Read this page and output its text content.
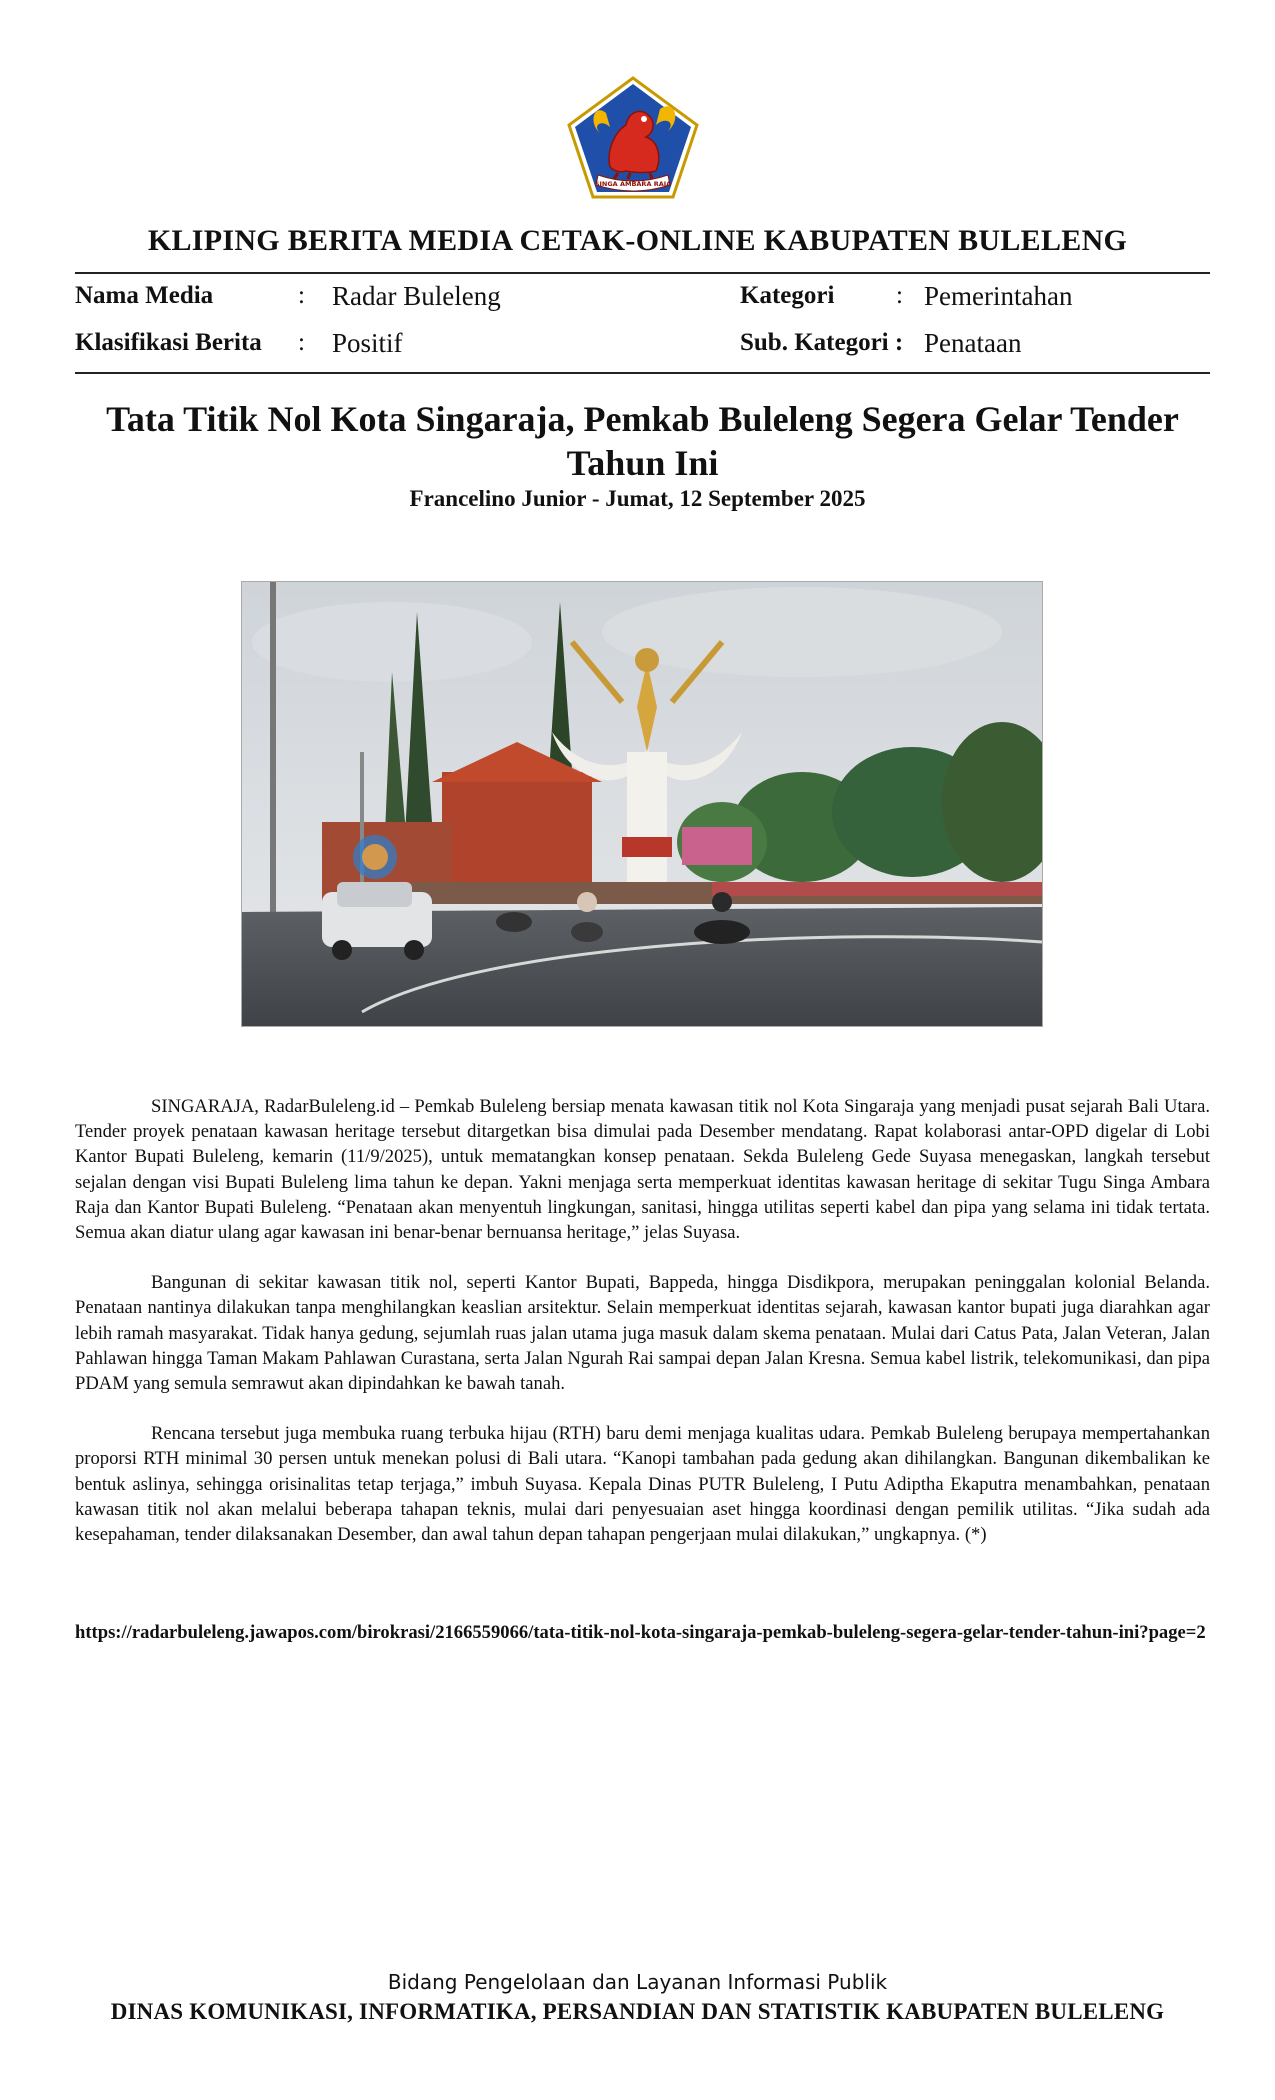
SINGA AMBARA RAJA
KLIPING BERITA MEDIA CETAK-ONLINE KABUPATEN BULELENG
Nama Media	: Radar Buleleng
Klasifikasi Berita : Positif
Kategori : Pemerintahan
Sub. Kategori : Penataan
Tata Titik Nol Kota Singaraja, Pemkab Buleleng Segera Gelar Tender Tahun Ini
Francelino Junior - Jumat, 12 September 2025

SINGARAJA, RadarBuleleng.id – Pemkab Buleleng bersiap menata kawasan titik nol Kota Singaraja yang menjadi pusat sejarah Bali Utara. Tender proyek penataan kawasan heritage tersebut ditargetkan bisa dimulai pada Desember mendatang. Rapat kolaborasi antar-OPD digelar di Lobi Kantor Bupati Buleleng, kemarin (11/9/2025), untuk mematangkan konsep penataan. Sekda Buleleng Gede Suyasa menegaskan, langkah tersebut sejalan dengan visi Bupati Buleleng lima tahun ke depan. Yakni menjaga serta memperkuat identitas kawasan heritage di sekitar Tugu Singa Ambara Raja dan Kantor Bupati Buleleng. “Penataan akan menyentuh lingkungan, sanitasi, hingga utilitas seperti kabel dan pipa yang selama ini tidak tertata. Semua akan diatur ulang agar kawasan ini benar-benar bernuansa heritage,” jelas Suyasa.

Bangunan di sekitar kawasan titik nol, seperti Kantor Bupati, Bappeda, hingga Disdikpora, merupakan peninggalan kolonial Belanda. Penataan nantinya dilakukan tanpa menghilangkan keaslian arsitektur. Selain memperkuat identitas sejarah, kawasan kantor bupati juga diarahkan agar lebih ramah masyarakat. Tidak hanya gedung, sejumlah ruas jalan utama juga masuk dalam skema penataan. Mulai dari Catus Pata, Jalan Veteran, Jalan Pahlawan hingga Taman Makam Pahlawan Curastana, serta Jalan Ngurah Rai sampai depan Jalan Kresna. Semua kabel listrik, telekomunikasi, dan pipa PDAM yang semula semrawut akan dipindahkan ke bawah tanah.

Rencana tersebut juga membuka ruang terbuka hijau (RTH) baru demi menjaga kualitas udara. Pemkab Buleleng berupaya mempertahankan proporsi RTH minimal 30 persen untuk menekan polusi di Bali utara. “Kanopi tambahan pada gedung akan dihilangkan. Bangunan dikembalikan ke bentuk aslinya, sehingga orisinalitas tetap terjaga,” imbuh Suyasa. Kepala Dinas PUTR Buleleng, I Putu Adiptha Ekaputra menambahkan, penataan kawasan titik nol akan melalui beberapa tahapan teknis, mulai dari penyesuaian aset hingga koordinasi dengan pemilik utilitas. “Jika sudah ada kesepahaman, tender dilaksanakan Desember, dan awal tahun depan tahapan pengerjaan mulai dilakukan,” ungkapnya. (*)

https://radarbuleleng.jawapos.com/birokrasi/2166559066/tata-titik-nol-kota-singaraja-pemkab-buleleng-segera-gelar-tender-tahun-ini?page=2
Bidang Pengelolaan dan Layanan Informasi Publik
DINAS KOMUNIKASI, INFORMATIKA, PERSANDIAN DAN STATISTIK KABUPATEN BULELENG
